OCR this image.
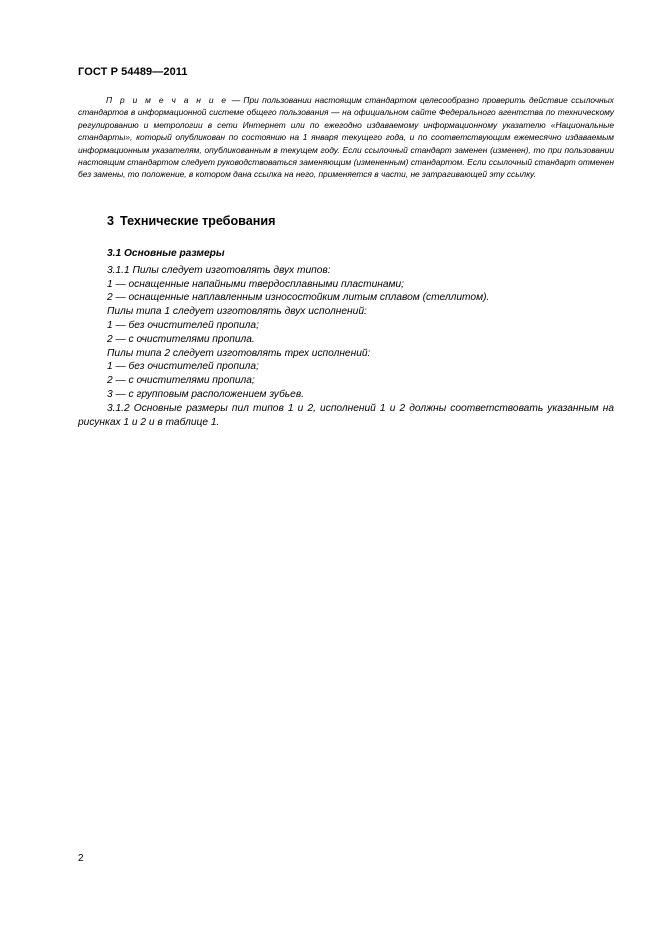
ГОСТ Р 54489—2011
П р и м е ч а н и е — При пользовании настоящим стандартом целесообразно проверить действие ссылочных стандартов в информационной системе общего пользования — на официальном сайте Федерального агентства по техническому регулированию и метрологии в сети Интернет или по ежегодно издаваемому информационному указателю «Национальные стандарты», который опубликован по состоянию на 1 января текущего года, и по соответствующим ежемесячно издаваемым информационным указателям, опубликованным в текущем году. Если ссылочный стандарт заменен (изменен), то при пользовании настоящим стандартом следует руководствоваться заменяющим (измененным) стандартом. Если ссылочный стандарт отменен без замены, то положение, в котором дана ссылка на него, применяется в части, не затрагивающей эту ссылку.
3 Технические требования

3.1 Основные размеры

3.1.1 Пилы следует изготовлять двух типов:

1 — оснащенные напайными твердосплавными пластинами;

2 — оснащенные наплавленным износостойким литым сплавом (стеллитом).

Пилы типа 1 следует изготовлять двух исполнений:

1 — без очистителей пропила;

2 — с очистителями пропила.

Пилы типа 2 следует изготовлять трех исполнений:

1 — без очистителей пропила;

2 — с очистителями пропила;

3 — с групповым расположением зубьев.

3.1.2 Основные размеры пил типов 1 и 2, исполнений 1 и 2 должны соответствовать указанным на рисунках 1 и 2 и в таблице 1.

2
